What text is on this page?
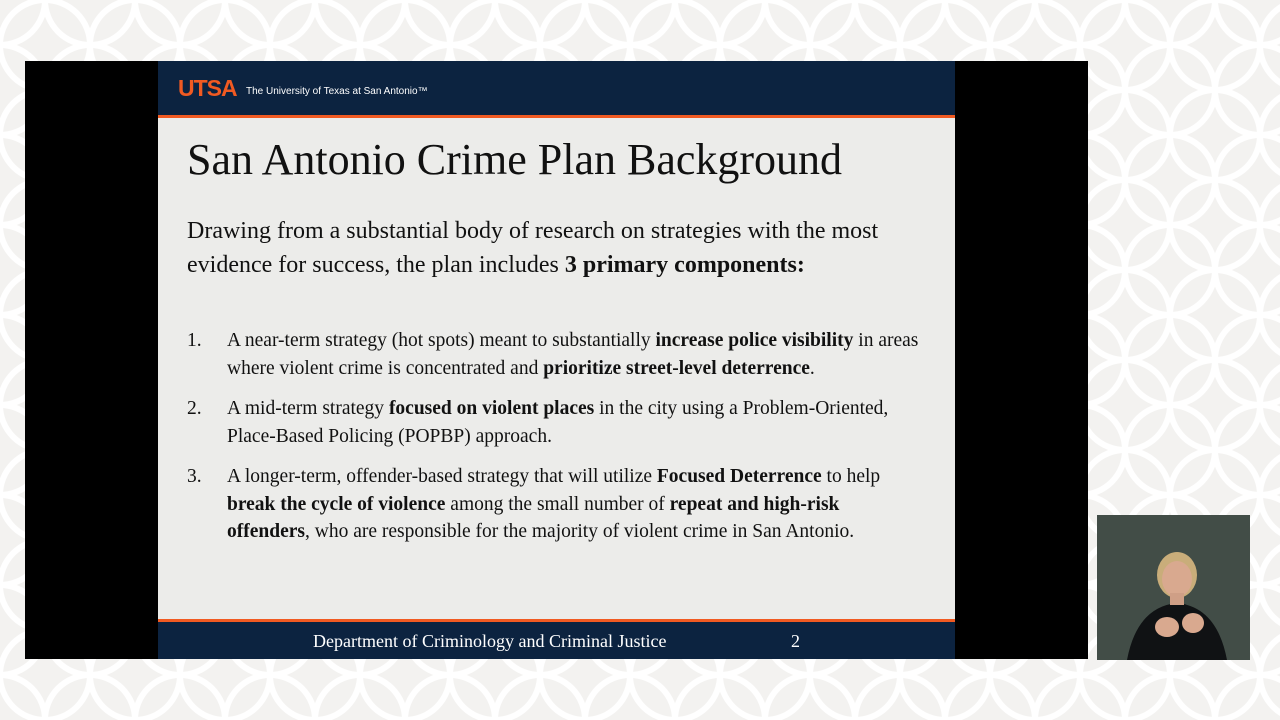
UTSA The University of Texas at San Antonio™
San Antonio Crime Plan Background
Drawing from a substantial body of research on strategies with the most evidence for success, the plan includes 3 primary components:
1. A near-term strategy (hot spots) meant to substantially increase police visibility in areas where violent crime is concentrated and prioritize street-level deterrence.
2. A mid-term strategy focused on violent places in the city using a Problem-Oriented, Place-Based Policing (POPBP) approach.
3. A longer-term, offender-based strategy that will utilize Focused Deterrence to help break the cycle of violence among the small number of repeat and high-risk offenders, who are responsible for the majority of violent crime in San Antonio.
Department of Criminology and Criminal Justice	2
